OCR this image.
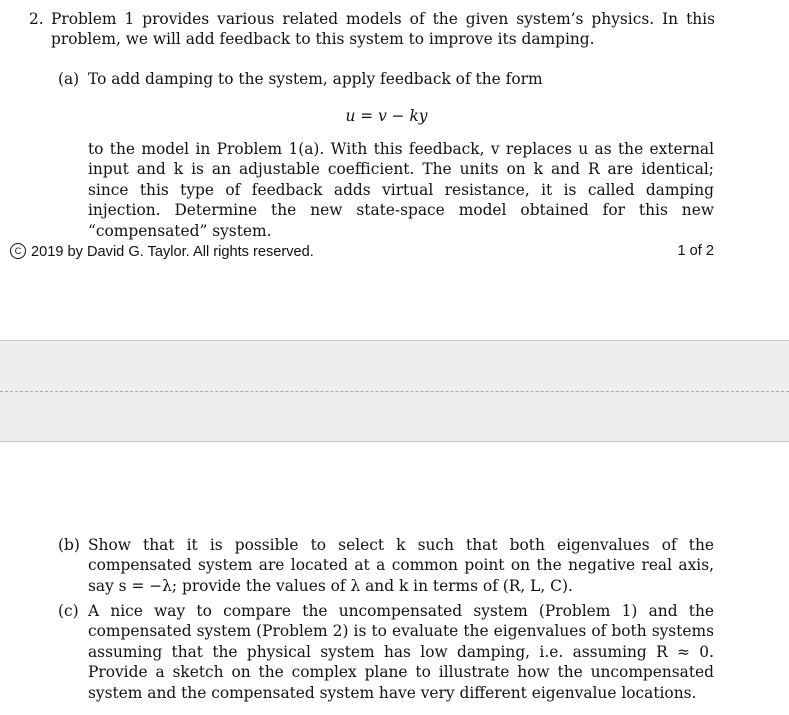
2. Problem 1 provides various related models of the given system’s physics. In this problem, we will add feedback to this system to improve its damping.
(a) To add damping to the system, apply feedback of the form
u = v − ky
to the model in Problem 1(a). With this feedback, v replaces u as the external input and k is an adjustable coefficient. The units on k and R are identical; since this type of feedback adds virtual resistance, it is called damping injection. Determine the new state-space model obtained for this new “compensated” system.
C 2019 by David G. Taylor. All rights reserved.	1 of 2
(b) Show that it is possible to select k such that both eigenvalues of the compensated system are located at a common point on the negative real axis, say s = −λ; provide the values of λ and k in terms of (R, L, C).
(c) A nice way to compare the uncompensated system (Problem 1) and the compensated system (Problem 2) is to evaluate the eigenvalues of both systems assuming that the physical system has low damping, i.e. assuming R ≈ 0. Provide a sketch on the complex plane to illustrate how the uncompensated system and the compensated system have very different eigenvalue locations.
